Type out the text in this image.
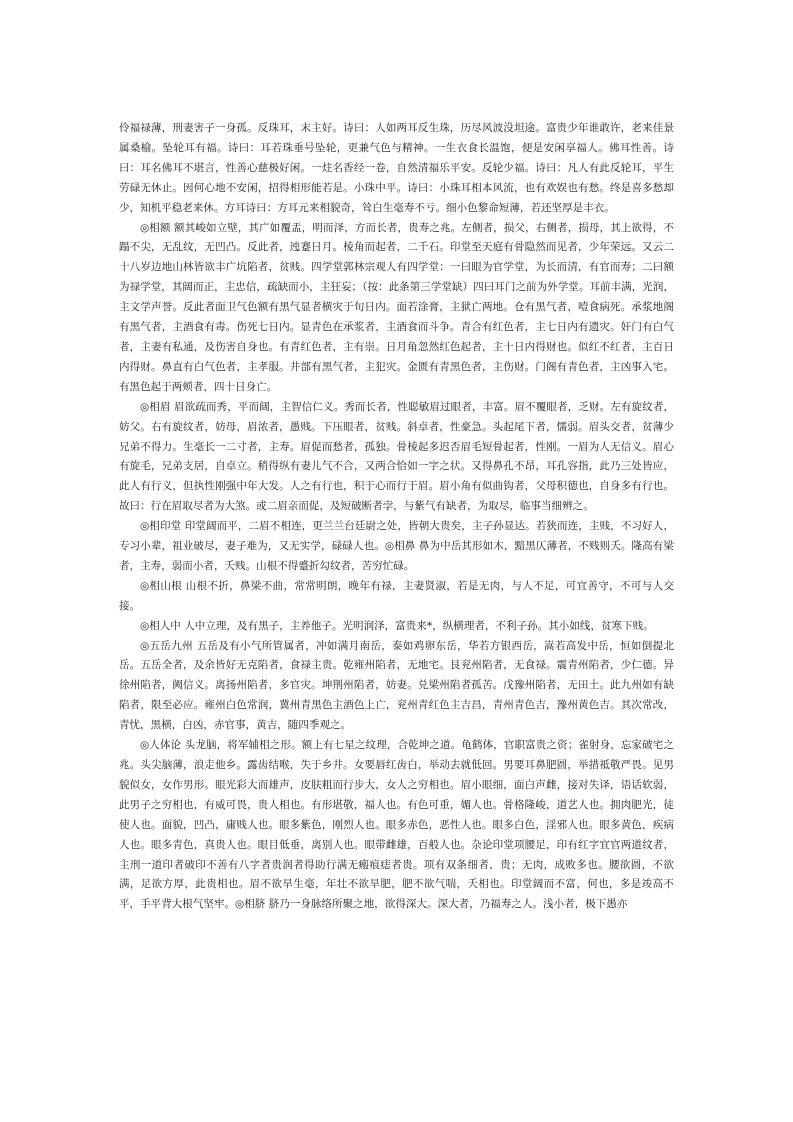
伶福禄薄，刑妻害子一身孤。反珠耳，末主好。诗曰：人如两耳反生珠，历尽风波没坦途。富贵少年谁敢许，老来佳景属桑榆。坠轮耳有福。诗曰：耳若珠垂号坠轮，更兼气色与精神。一生衣食长温饱，便是安闲享福人。佛耳性善。诗曰：耳名佛耳不堪言，性善心慈极好闲。一炷名香经一卷，自然清福乐平安。反轮少福。诗曰：凡人有此反轮耳，平生劳碌无休止。因何心地不安闲，招得相形能若是。小珠中平。诗曰：小珠耳相本风流，也有欢娱也有愁。终是喜多愁却少，知机平稳老来休。方耳诗曰：方耳元来相貌奇，耸白生毫寿不亏。细小色黎命短薄，若还坚厚是丰衣。

◎相额 额其峻如立壁，其广如覆盂，明而泽，方而长者，贵寿之兆。左侧者，损父，右侧者，损母，其上欲得，不蹋不尖，无乱纹，无凹凸。反此者，迍蹇日月。棱角而起者，二千石。印堂至天庭有骨隐然而见者，少年荣远。又云二十八岁边地山林皆欲丰广坑陷者，贫贱。四学堂郭林宗观人有四学堂：一曰眼为官学堂，为长而清，有官而寿；二曰额为禄学堂，其阔而正，主忠信，疏缺而小，主狂妄；（按：此条第三学堂缺）四曰耳门之前为外学堂。耳前丰满，光润，主文学声誉。反此者面卫气色额有黑气显者横灾于旬日内。面若涂膏，主狱亡两地。仓有黑气者，噎食病死。承浆地阁有黑气者，主酒食有毒。伤死七日内。显青色在承浆者，主酒食而斗争。青合有红色者，主七日内有遗灾。奸门有白气者，主妻有私通，及伤害自身也。有青红色者，主有崇。日月角忽然红色起者，主十日内得财也。似红不红者，主百日内得财。鼻直有白气色者，主孝服。井部有黑气者，主犯灾。金匮有青黑色者，主伤财。门阁有青色者，主凶事入宅。有黑色起于两颊者，四十日身亡。

◎相眉 眉欲疏而秀，平而阔，主智信仁义。秀而长者，性聪敏眉过眼者，丰富。眉不覆眼者，乏财。左有旋纹者，妨父。右有旋纹者，妨母，眉浓者，愚贱。下压眼者，贫贱。斜卓者，性豪急。头起尾下者，懦弱。眉头交者，贫薄少兄弟不得力。生毫长一二寸者，主寿。眉促而愁者，孤独。骨棱起多迟否眉毛短骨起者，性刚。一眉为人无信义。眉心有旋毛，兄弟支居，自卓立。稍得纵有妻儿气不合，又两合恰如一字之状。又得鼻孔不昂，耳孔容指，此乃三处皆应，此人有行义，但执性刚强中年大发。人之有行也，积于心而行于眉。眉小角有似曲钩者，父母积德也，自身多有行也。故曰：行在眉取尽者为大煞。或二眉亲而促，及短破断者孛，与紫气有缺者，为取尽，临事当细辨之。

◎相印堂 印堂阔而平，二眉不相连，更兰兰台廷尉之处，皆朝大贵矣，主子孙显达。若狭而连，主贱，不习好人，专习小辈，祖业破尽，妻子难为，又无实学，碌碌人也。◎相鼻 鼻为中岳其形如木，黯黑仄薄者，不贱则夭。隆高有梁者，主寿，弱而小者，夭贱。山根不得蹙折勾纹者，苦穷忙碌。

◎相山根 山根不折，鼻梁不曲，常常明朗，晚年有禄，主妻贤淑，若是无肉，与人不足，可宜善守，不可与人交接。

◎相人中 人中立理，及有黑子，主养他子。光明润泽，富贵来*，纵横理者，不利子孙。其小如线，贫寒下贱。

◎五岳九州 五岳及有小气所管属者，冲如满月南岳，泰如鸡卵东岳，华若方银西岳，嵩若高发中岳，恒如倒提北岳。五岳全者，及余皆好无克陷者，食禄主贵。乾雍州陷者，无地宅。艮兖州陷者，无食禄。震青州陷者，少仁德。异徐州陷者，阙信义。离扬州陷者，多官灾。坤荆州陷者，妨妻。兑梁州陷者孤苦。戊豫州陷者，无田土。此九州如有缺陷者，限至必应。雍州白色常润，冀州青黑色主酒色上亡，兖州青红色主吉昌，青州青色吉，豫州黄色吉。其次常改，青忧，黑横，白凶，赤官事，黄吉，随四季观之。

◎人体论 头龙脑，将军辅相之形。额上有七星之纹理，合乾坤之道。龟鹤体，官职富贵之资；雀射身，忘家破宅之兆。头尖脑薄，浪走他乡。露齿结喉，失于乡井。女要唇红齿白，举动去就低回。男要耳鼻肥圆，举措祗敬严畏。见男貌似女，女作男形。眼光彩大而雄声，皮肤粗而行步大，女人之穷相也。眉小眼细，面白声雌，接对失译，语话软弱，此男子之穷相也，有威可畏，贵人相也。有形堪敬，福人也。有色可重，媚人也。骨格隆峻，道艺人也。拥肉肥光，徒使人也。面貌，凹凸，庸贱人也。眼多紫色，刚烈人也。眼多赤色，恶性人也。眼多白色，淫邪人也。眼多黄色，疾病人也。眼多青色，真贵人也。眼目低垂，离别人也。眼带雌雄，百般人也。杂论印堂项腰足，印有红字宜官两道纹者，主刑一道印者破印不善有八字者贵润者得助行满无瘢痕痣者贵。项有双条细者，贵；无肉，成败多也。腰欲圆，不欲满，足欲方厚，此贵相也。眉不欲旱生毫，年壮不欲旱肥，肥不欲气喘，夭相也。印堂阔而不富，何也，多是竣高不平，手平背大根气坚牢。◎相脐 脐乃一身脉络所聚之地，欲得深大。深大者，乃福寿之人。浅小者，极下愚亦
